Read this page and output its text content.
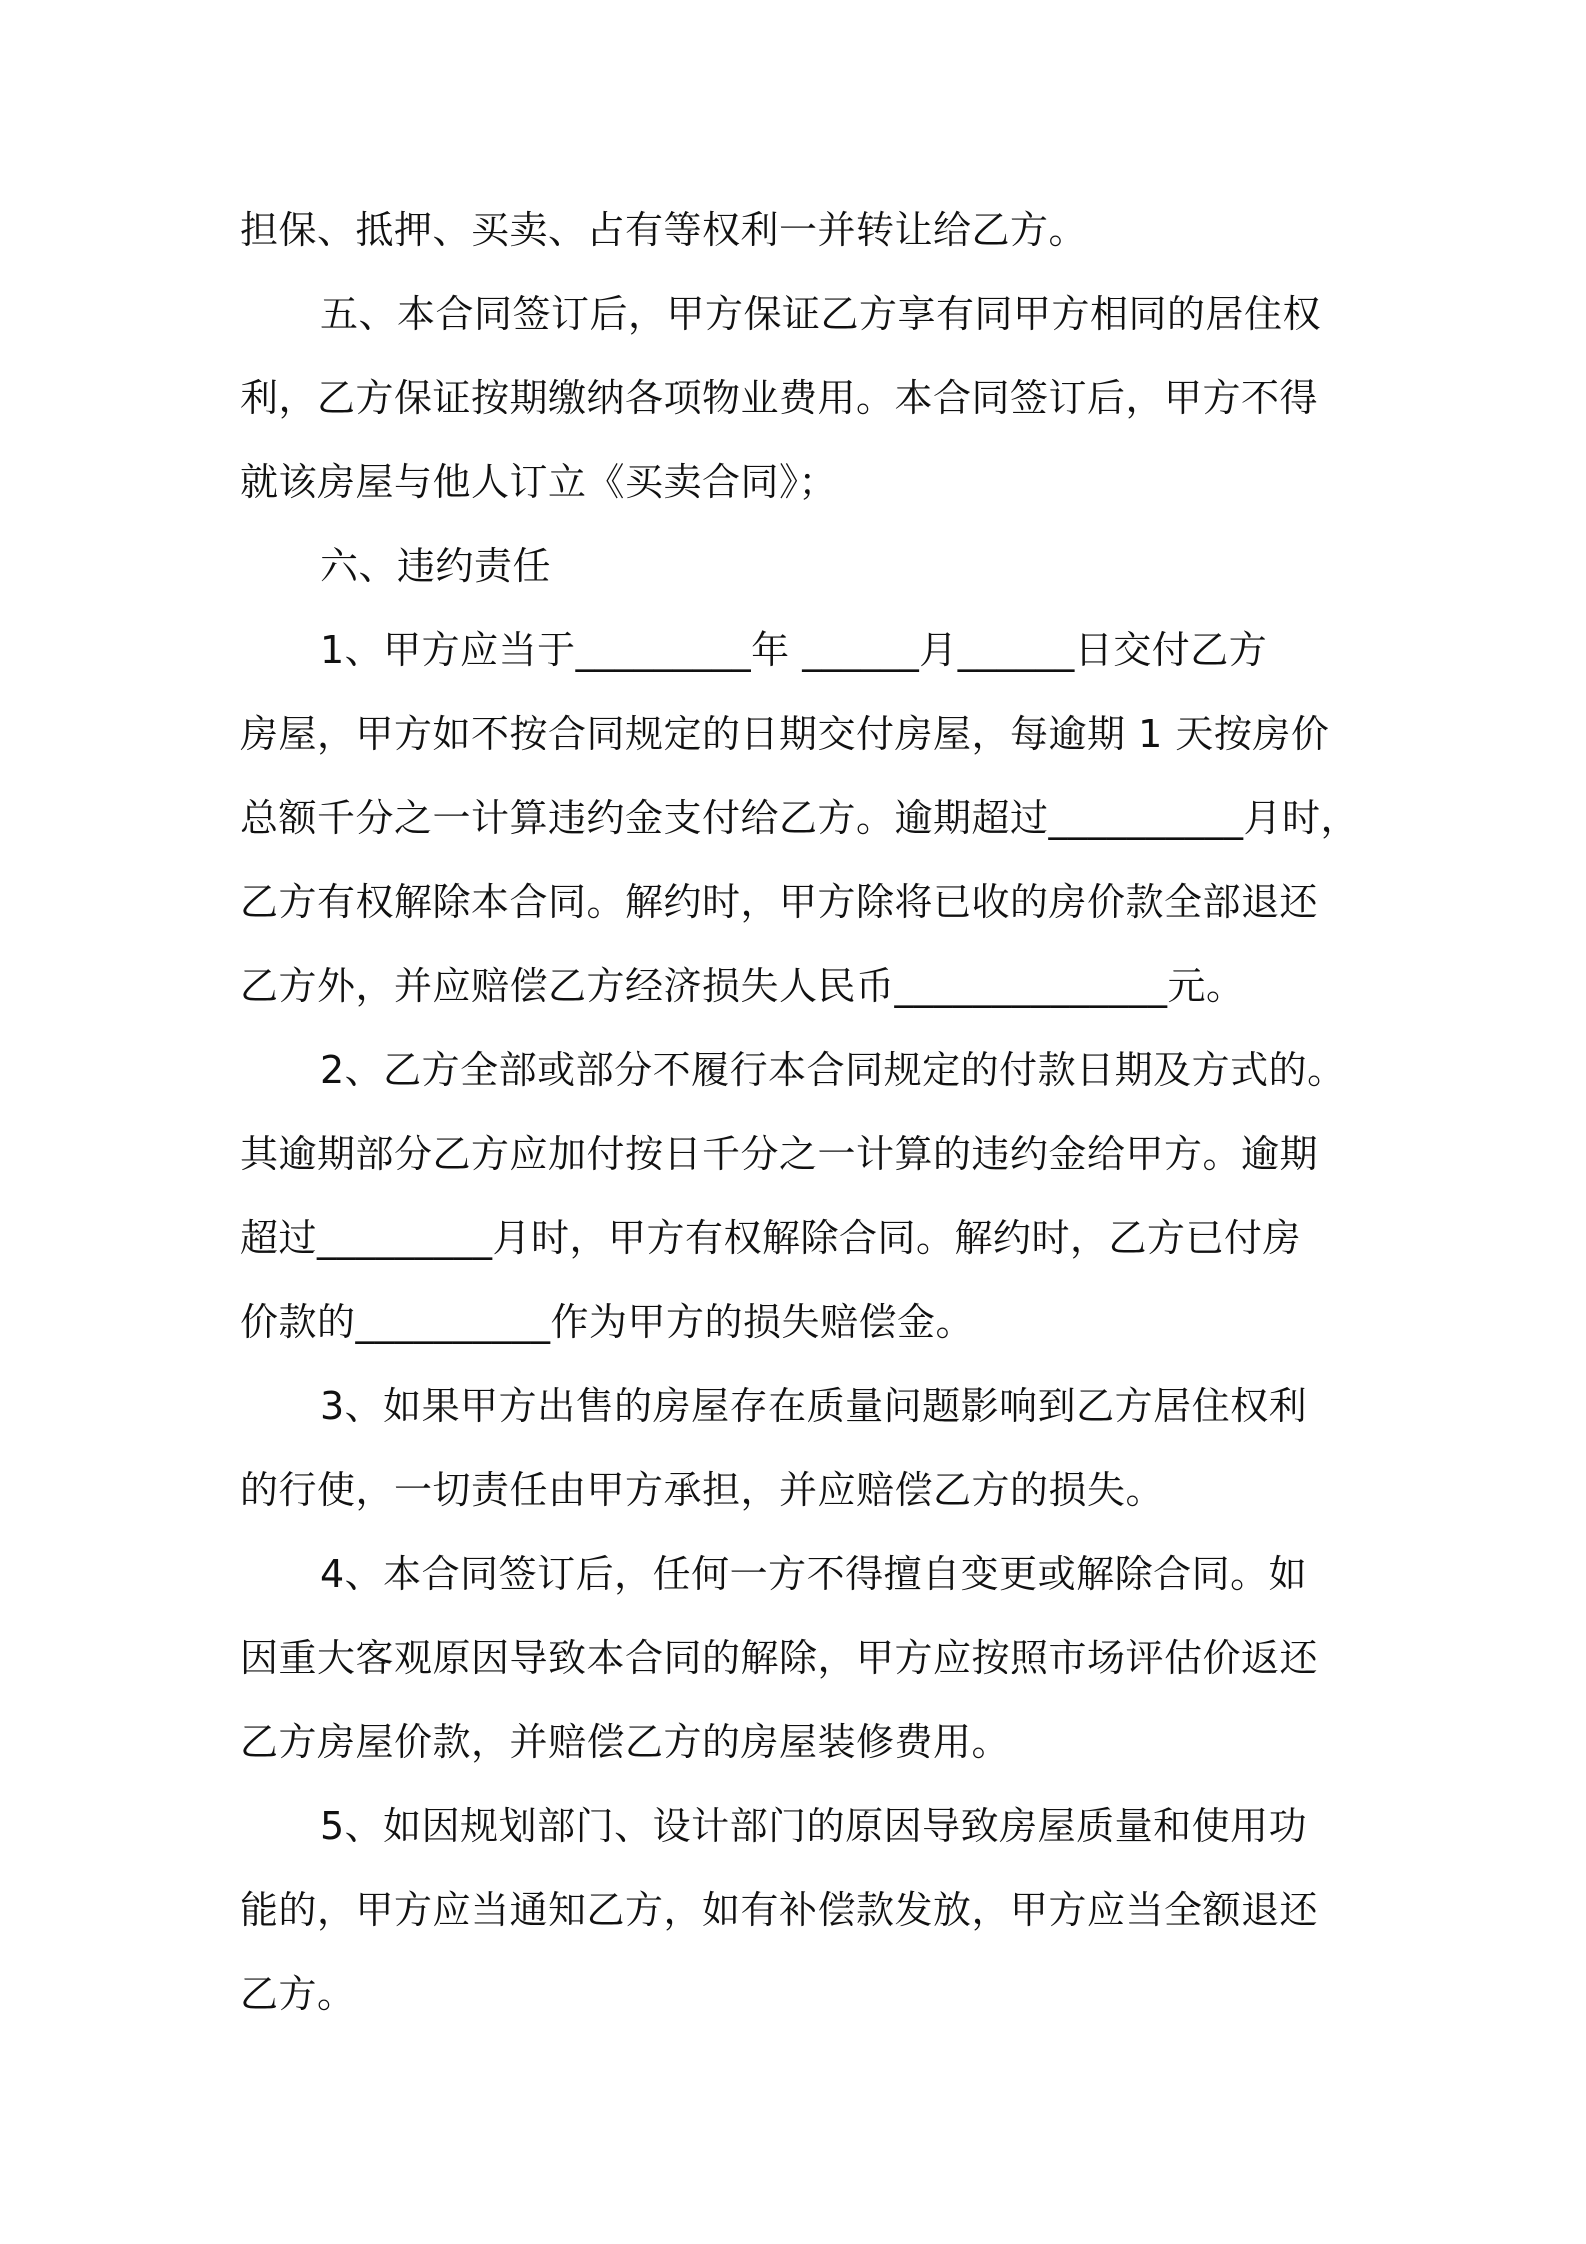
担保、抵押、买卖、占有等权利一并转让给乙方。
五、本合同签订后，甲方保证乙方享有同甲方相同的居住权
利，乙方保证按期缴纳各项物业费用。本合同签订后，甲方不得
就该房屋与他人订立《买卖合同》；
六、违约责任
1、甲方应当于_________年 ______月______日交付乙方
房屋，甲方如不按合同规定的日期交付房屋，每逾期 1 天按房价
总额千分之一计算违约金支付给乙方。逾期超过__________月时，
乙方有权解除本合同。解约时，甲方除将已收的房价款全部退还
乙方外，并应赔偿乙方经济损失人民币______________元。
2、乙方全部或部分不履行本合同规定的付款日期及方式的。
其逾期部分乙方应加付按日千分之一计算的违约金给甲方。逾期
超过_________月时，甲方有权解除合同。解约时，乙方已付房
价款的__________作为甲方的损失赔偿金。
3、如果甲方出售的房屋存在质量问题影响到乙方居住权利
的行使，一切责任由甲方承担，并应赔偿乙方的损失。
4、本合同签订后，任何一方不得擅自变更或解除合同。如
因重大客观原因导致本合同的解除，甲方应按照市场评估价返还
乙方房屋价款，并赔偿乙方的房屋装修费用。
5、如因规划部门、设计部门的原因导致房屋质量和使用功
能的，甲方应当通知乙方，如有补偿款发放，甲方应当全额退还
乙方。
